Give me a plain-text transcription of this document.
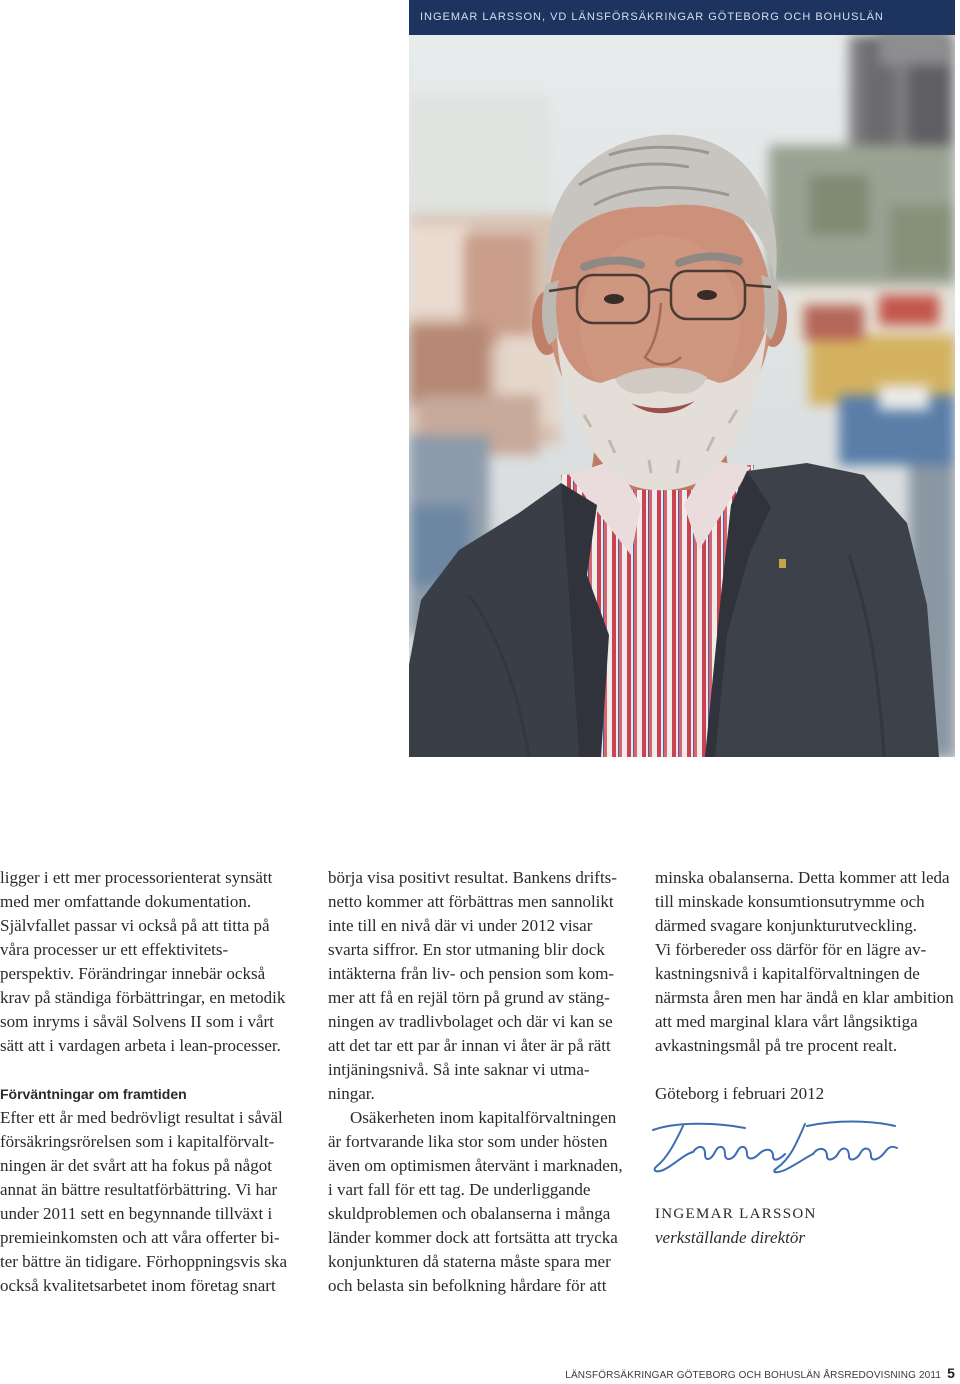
INGEMAR LARSSON, VD LÄNSFÖRSÄKRINGAR GÖTEBORG OCH BOHUSLÄN
ligger i ett mer processorienterat synsätt
med mer omfattande dokumentation.
Självfallet passar vi också på att titta på
våra processer ur ett effektivitets-
perspektiv. Förändringar innebär också
krav på ständiga förbättringar, en metodik
som inryms i såväl Solvens II som i vårt
sätt att i vardagen arbeta i lean-processer.
Förväntningar om framtiden
Efter ett år med bedrövligt resultat i såväl
försäkringsrörelsen som i kapitalförvalt-
ningen är det svårt att ha fokus på något
annat än bättre resultatförbättring. Vi har
under 2011 sett en begynnande tillväxt i
premieinkomsten och att våra offerter bi-
ter bättre än tidigare. Förhoppningsvis ska
också kvalitetsarbetet inom företag snart
börja visa positivt resultat. Bankens drifts-
netto kommer att förbättras men sannolikt
inte till en nivå där vi under 2012 visar
svarta siffror. En stor utmaning blir dock
intäkterna från liv- och pension som kom-
mer att få en rejäl törn på grund av stäng-
ningen av tradlivbolaget och där vi kan se
att det tar ett par år innan vi åter är på rätt
intjäningsnivå. Så inte saknar vi utma-
ningar.
Osäkerheten inom kapitalförvaltningen
är fortvarande lika stor som under hösten
även om optimismen återvänt i marknaden,
i vart fall för ett tag. De underliggande
skuldproblemen och obalanserna i många
länder kommer dock att fortsätta att trycka
konjunkturen då staterna måste spara mer
och belasta sin befolkning hårdare för att
minska obalanserna. Detta kommer att leda
till minskade konsumtionsutrymme och
därmed svagare konjunkturutveckling.
Vi förbereder oss därför för en lägre av-
kastningsnivå i kapitalförvaltningen de
närmsta åren men har ändå en klar ambition
att med marginal klara vårt långsiktiga
avkastningsmål på tre procent realt.
Göteborg i februari 2012
INGEMAR LARSSON
verkställande direktör
LÄNSFÖRSÄKRINGAR GÖTEBORG OCH BOHUSLÄN ÅRSREDOVISNING 2011 5
